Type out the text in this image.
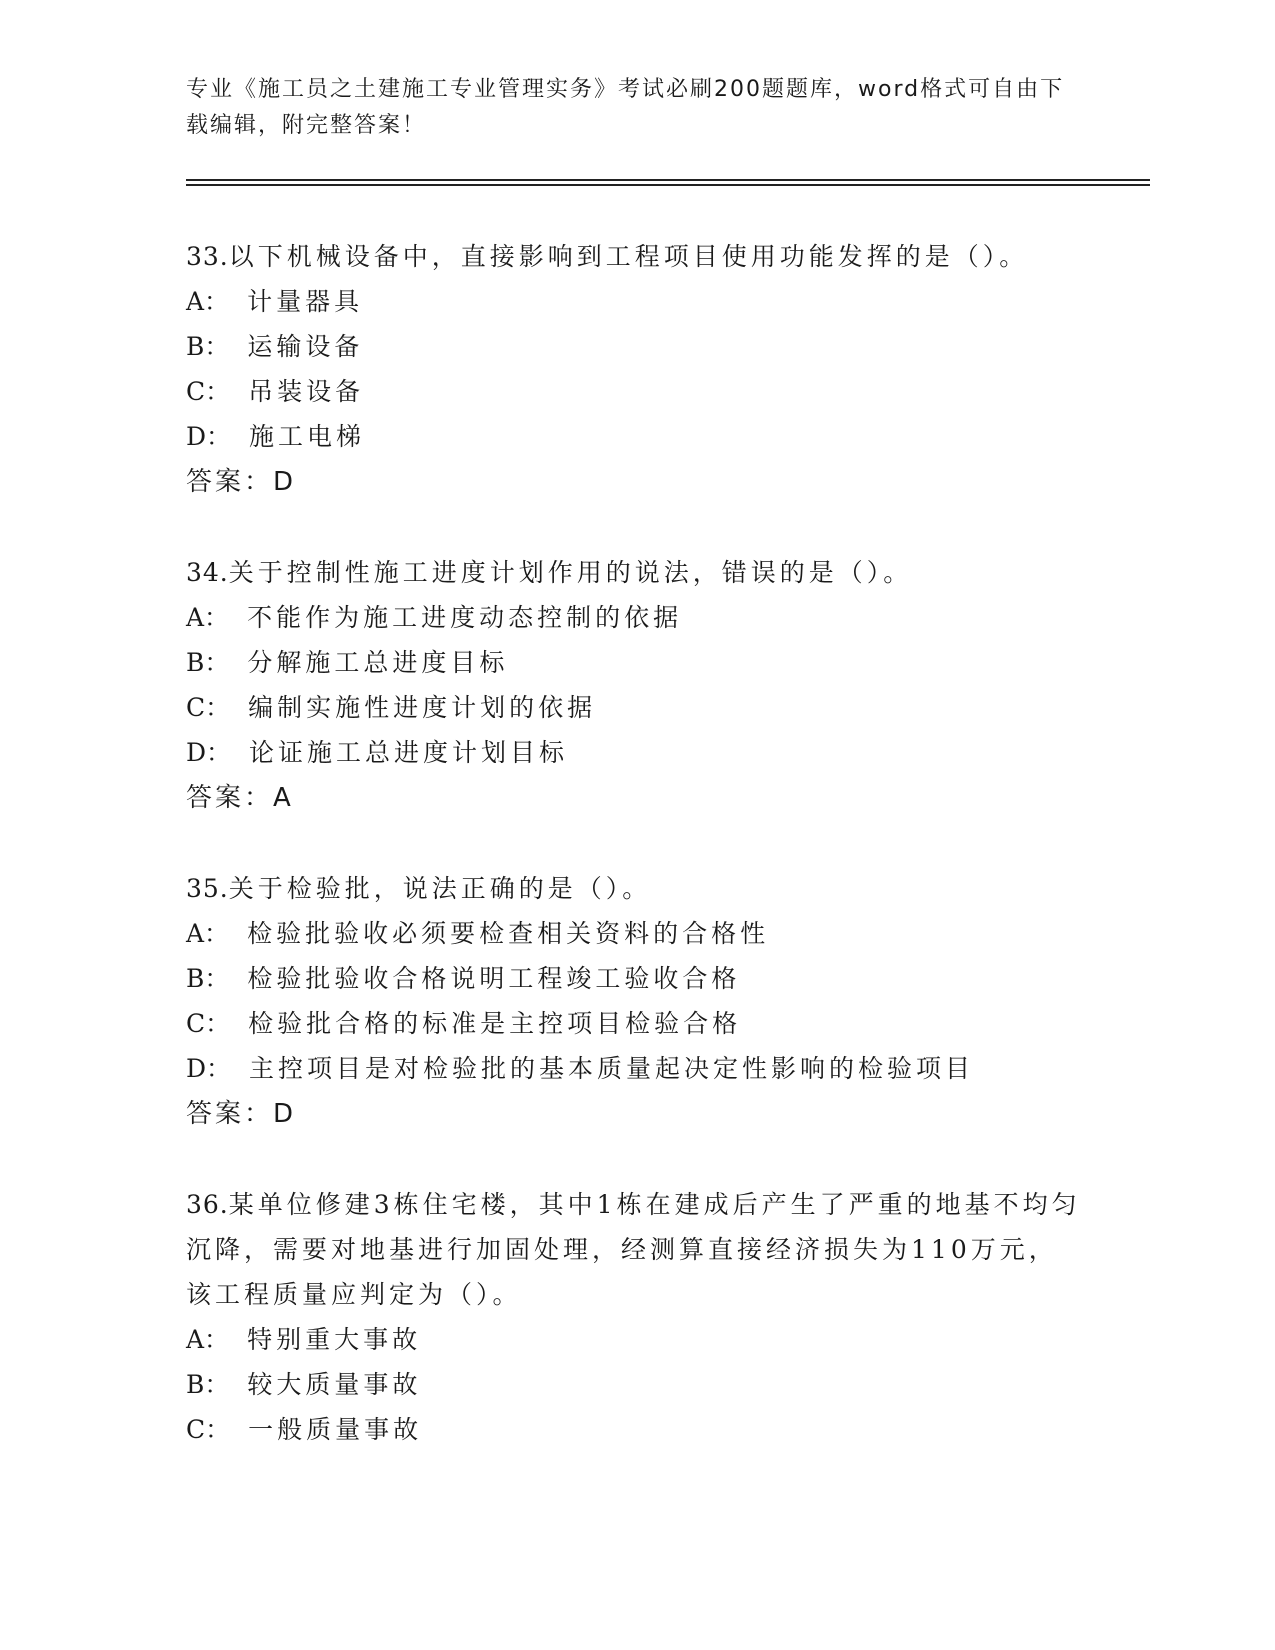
专业《施工员之土建施工专业管理实务》考试必刷200题题库，word格式可自由下载编辑，附完整答案！
33.以下机械设备中，直接影响到工程项目使用功能发挥的是（）。
A： 计量器具
B： 运输设备
C： 吊装设备
D： 施工电梯
答案：D
34.关于控制性施工进度计划作用的说法，错误的是（）。
A： 不能作为施工进度动态控制的依据
B： 分解施工总进度目标
C： 编制实施性进度计划的依据
D： 论证施工总进度计划目标
答案：A
35.关于检验批，说法正确的是（）。
A： 检验批验收必须要检查相关资料的合格性
B： 检验批验收合格说明工程竣工验收合格
C： 检验批合格的标准是主控项目检验合格
D： 主控项目是对检验批的基本质量起决定性影响的检验项目
答案：D
36.某单位修建3栋住宅楼，其中1栋在建成后产生了严重的地基不均匀沉降，需要对地基进行加固处理，经测算直接经济损失为110万元，该工程质量应判定为（）。
A： 特别重大事故
B： 较大质量事故
C： 一般质量事故
